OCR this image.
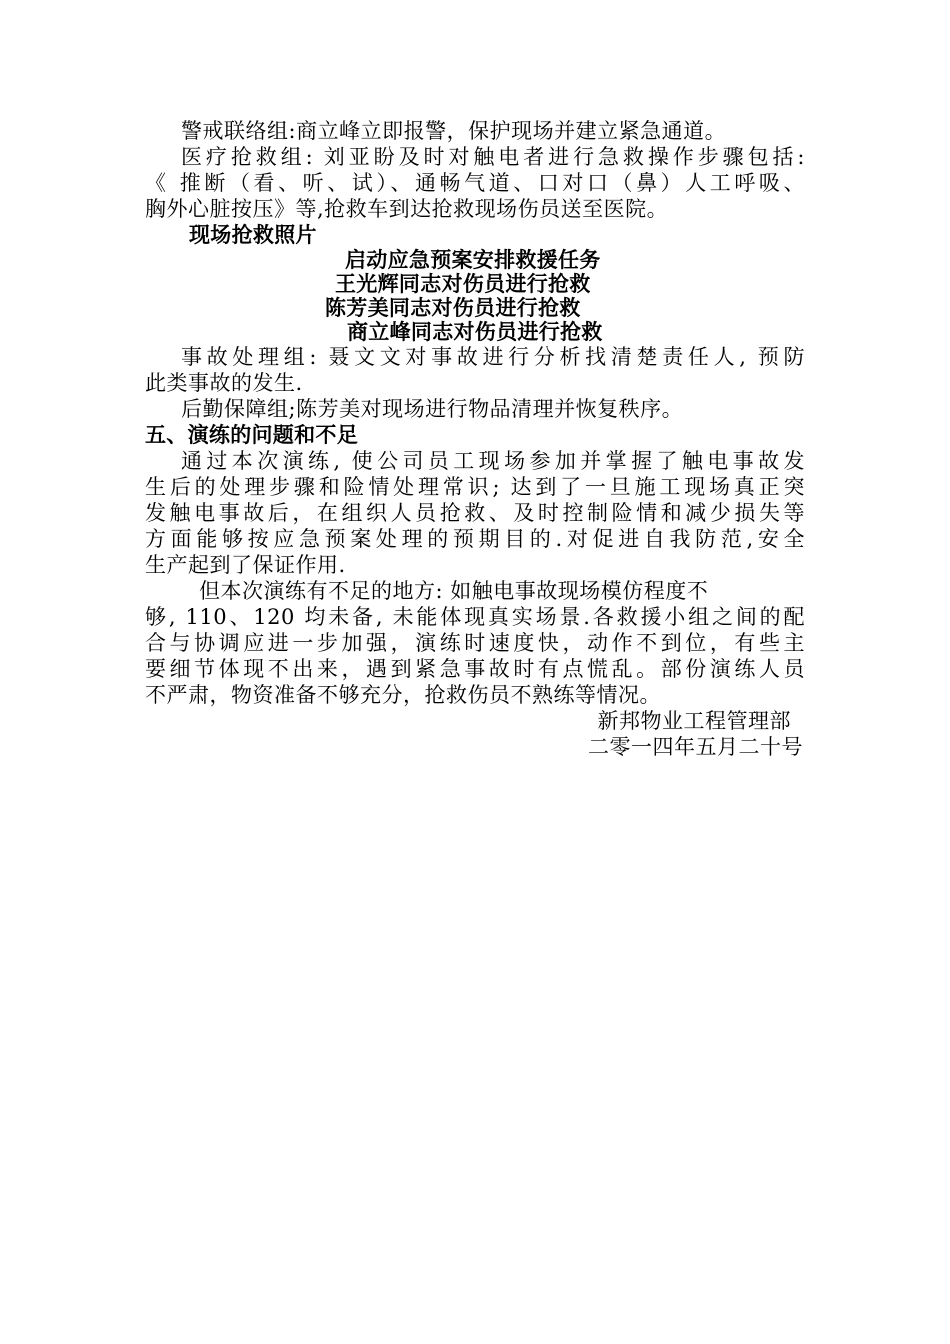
警戒联络组:商立峰立即报警，保护现场并建立紧急通道。
医疗抢救组: 刘亚盼及时对触电者进行急救操作步骤包括:
《 推断（看、听、试）、通畅气道、口对口（鼻）人工呼吸、
胸外心脏按压》等,抢救车到达抢救现场伤员送至医院。
现场抢救照片
启动应急预案安排救援任务
王光辉同志对伤员进行抢救
陈芳美同志对伤员进行抢救
商立峰同志对伤员进行抢救
事故处理组: 聂文文对事故进行分析找清楚责任人, 预防
此类事故的发生.
后勤保障组;陈芳美对现场进行物品清理并恢复秩序。
五、演练的问题和不足
通过本次演练, 使公司员工现场参加并掌握了触电事故发
生后的处理步骤和险情处理常识; 达到了一旦施工现场真正突
发触电事故后，在组织人员抢救、及时控制险情和减少损失等
方面能够按应急预案处理的预期目的.对促进自我防范,安全
生产起到了保证作用.
但本次演练有不足的地方: 如触电事故现场模仿程度不
够, 110、120 均未备, 未能体现真实场景.各救援小组之间的配
合与协调应进一步加强，演练时速度快，动作不到位，有些主
要细节体现不出来，遇到紧急事故时有点慌乱。部份演练人员
不严肃，物资准备不够充分，抢救伤员不熟练等情况。
新邦物业工程管理部
二零一四年五月二十号
